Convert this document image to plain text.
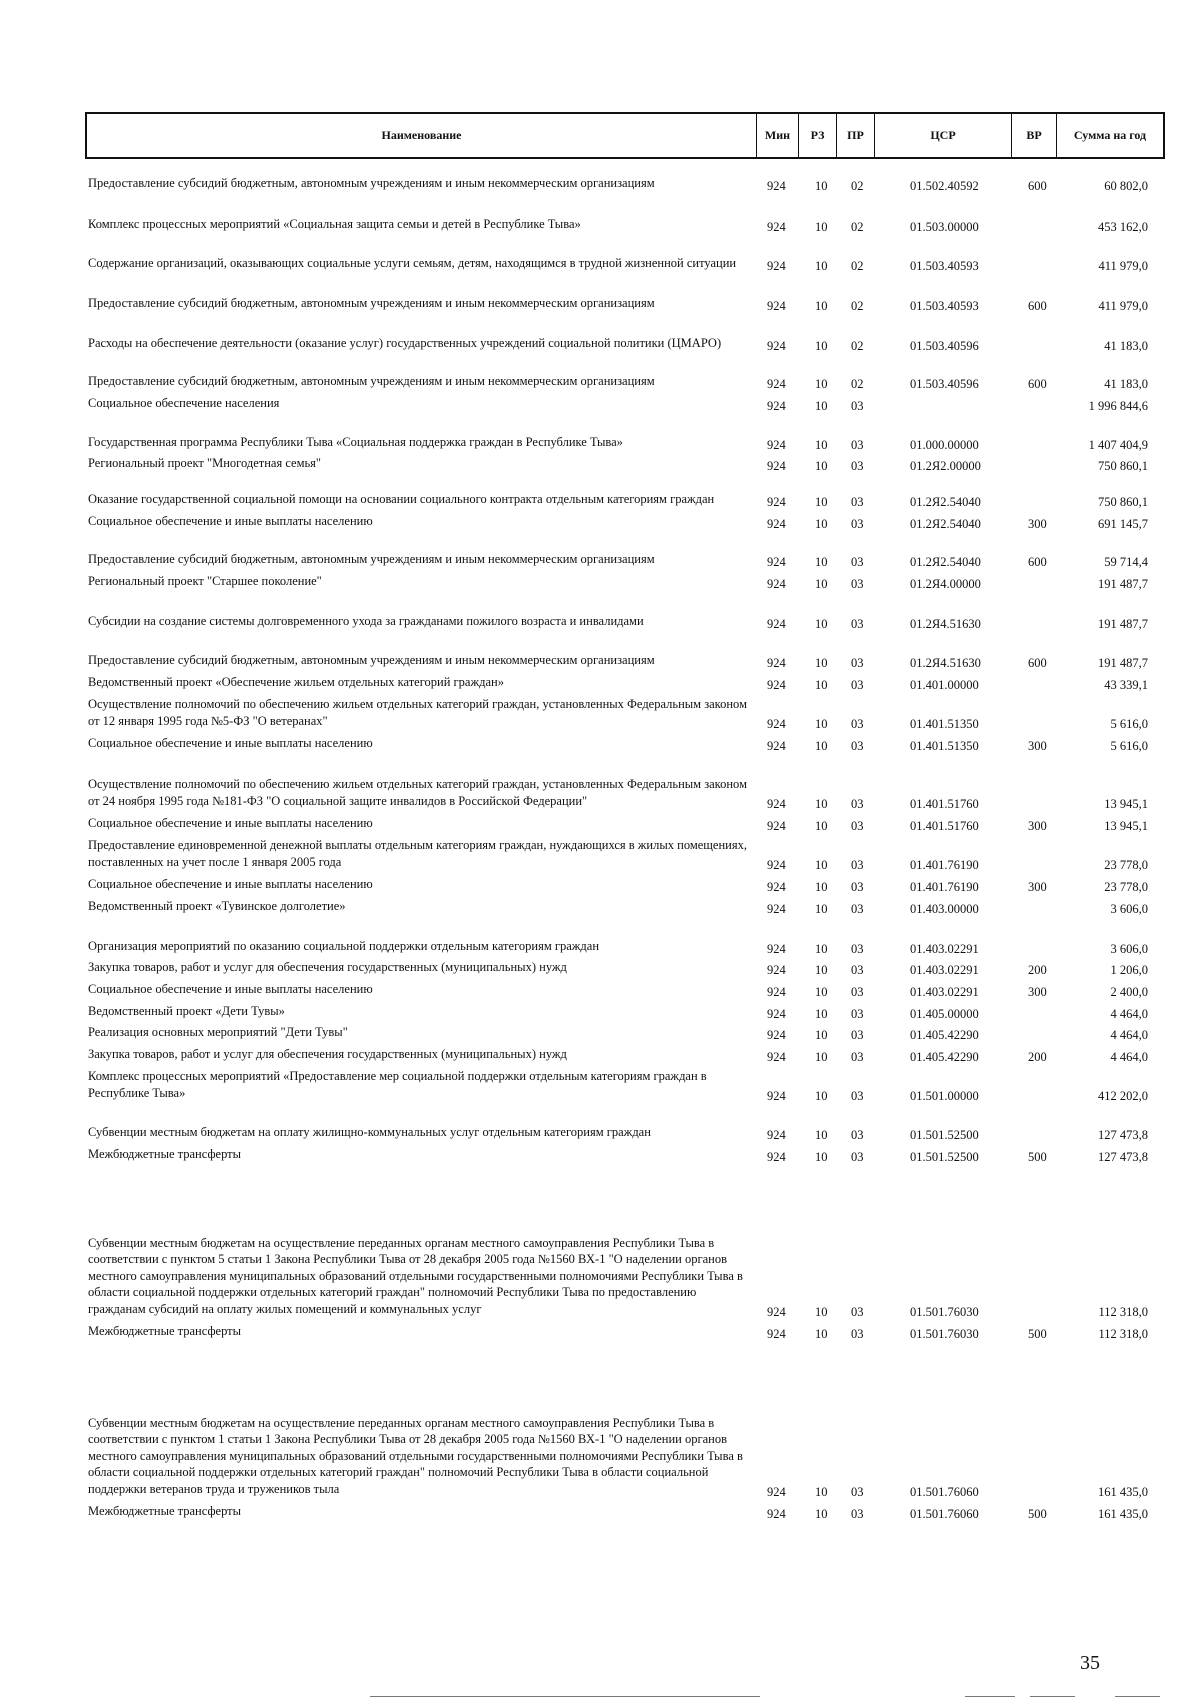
Наименование	Мин	РЗ	ПР	ЦСР	ВР	Сумма на год
Предоставление субсидий бюджетным, автономным учреждениям и иным некоммерческим организациям	924 10 02	01.502.40592	600	60 802,0
Комплекс процессных мероприятий «Социальная защита семьи и детей в Республике Тыва»	924 10 02	01.503.00000	453 162,0
Содержание организаций, оказывающих социальные услуги семьям, детям, находящимся в трудной жизненной ситуации	924 10 02	01.503.40593	411 979,0
Предоставление субсидий бюджетным, автономным учреждениям и иным некоммерческим организациям	924 10 02	01.503.40593	600	411 979,0
Расходы на обеспечение деятельности (оказание услуг) государственных учреждений социальной политики (ЦМАРО)	924 10 02	01.503.40596	41 183,0
Предоставление субсидий бюджетным, автономным учреждениям и иным некоммерческим организациям	924 10 02	01.503.40596	600	41 183,0
Социальное обеспечение населения	924 10 03	1 996 844,6
Государственная программа Республики Тыва «Социальная поддержка граждан в Республике Тыва»	924 10 03	01.000.00000	1 407 404,9
Региональный проект "Многодетная семья"	924 10 03	01.2Я2.00000	750 860,1
Оказание государственной социальной помощи на основании социального контракта отдельным категориям граждан	924 10 03	01.2Я2.54040	750 860,1
Социальное обеспечение и иные выплаты населению	924 10 03	01.2Я2.54040	300	691 145,7
Предоставление субсидий бюджетным, автономным учреждениям и иным некоммерческим организациям	924 10 03	01.2Я2.54040	600	59 714,4
Региональный проект "Старшее поколение"	924 10 03	01.2Я4.00000	191 487,7
Субсидии на создание системы долговременного ухода за гражданами пожилого возраста и инвалидами	924 10 03	01.2Я4.51630	191 487,7
Предоставление субсидий бюджетным, автономным учреждениям и иным некоммерческим организациям	924 10 03	01.2Я4.51630	600	191 487,7
Ведомственный проект «Обеспечение жильем отдельных категорий граждан»	924 10 03	01.401.00000	43 339,1
Осуществление полномочий по обеспечению жильем отдельных категорий граждан, установленных Федеральным законом от 12 января 1995 года №5-ФЗ "О ветеранах"	924 10 03	01.401.51350	5 616,0
Социальное обеспечение и иные выплаты населению	924 10 03	01.401.51350	300	5 616,0
Осуществление полномочий по обеспечению жильем отдельных категорий граждан, установленных Федеральным законом от 24 ноября 1995 года №181-ФЗ "О социальной защите инвалидов в Российской Федерации"	924 10 03	01.401.51760	13 945,1
Социальное обеспечение и иные выплаты населению	924 10 03	01.401.51760	300	13 945,1
Предоставление единовременной денежной выплаты отдельным категориям граждан, нуждающихся в жилых помещениях, поставленных на учет после 1 января 2005 года	924 10 03	01.401.76190	23 778,0
Социальное обеспечение и иные выплаты населению	924 10 03	01.401.76190	300	23 778,0
Ведомственный проект «Тувинское долголетие»	924 10 03	01.403.00000	3 606,0
Организация мероприятий по оказанию социальной поддержки отдельным категориям граждан	924 10 03	01.403.02291	3 606,0
Закупка товаров, работ и услуг для обеспечения государственных (муниципальных) нужд	924 10 03	01.403.02291	200	1 206,0
Социальное обеспечение и иные выплаты населению	924 10 03	01.403.02291	300	2 400,0
Ведомственный проект «Дети Тувы»	924 10 03	01.405.00000	4 464,0
Реализация основных мероприятий "Дети Тувы"	924 10 03	01.405.42290	4 464,0
Закупка товаров, работ и услуг для обеспечения государственных (муниципальных) нужд	924 10 03	01.405.42290	200	4 464,0
Комплекс процессных мероприятий «Предоставление мер социальной поддержки отдельным категориям граждан в Республике Тыва»	924 10 03	01.501.00000	412 202,0
Субвенции местным бюджетам на оплату жилищно-коммунальных услуг отдельным категориям граждан	924 10 03	01.501.52500	127 473,8
Межбюджетные трансферты	924 10 03	01.501.52500	500	127 473,8
Субвенции местным бюджетам на осуществление переданных органам местного самоуправления Республики Тыва в соответствии с пунктом 5 статьи 1 Закона Республики Тыва от 28 декабря 2005 года №1560 ВХ-1 "О наделении органов местного самоуправления муниципальных образований отдельными государственными полномочиями Республики Тыва в области социальной поддержки отдельных категорий граждан" полномочий Республики Тыва по предоставлению гражданам субсидий на оплату жилых помещений и коммунальных услуг	924 10 03	01.501.76030	112 318,0
Межбюджетные трансферты	924 10 03	01.501.76030	500	112 318,0
Субвенции местным бюджетам на осуществление переданных органам местного самоуправления Республики Тыва в соответствии с пунктом 1 статьи 1 Закона Республики Тыва от 28 декабря 2005 года №1560 ВХ-1 "О наделении органов местного самоуправления муниципальных образований отдельными государственными полномочиями Республики Тыва в области социальной поддержки отдельных категорий граждан" полномочий Республики Тыва в области социальной поддержки ветеранов труда и тружеников тыла	924 10 03	01.501.76060	161 435,0
Межбюджетные трансферты	924 10 03	01.501.76060	500	161 435,0
35
